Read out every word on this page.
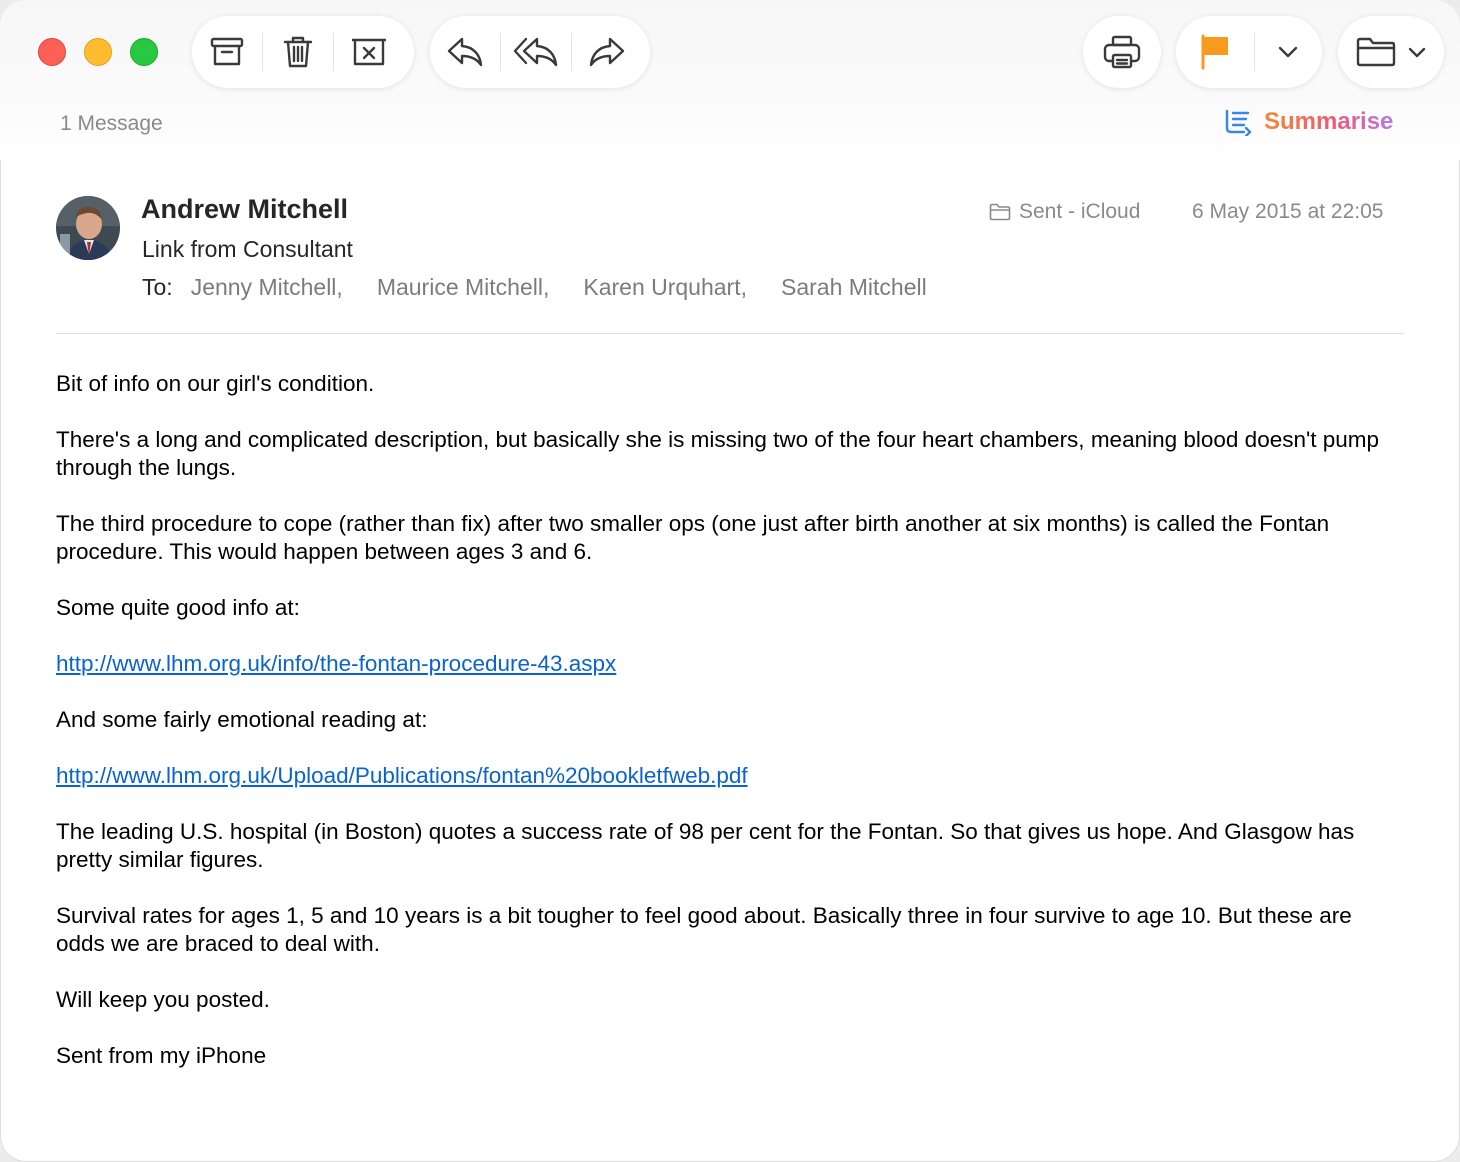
1 Message	Summarise
Andrew Mitchell
Link from Consultant
To: Jenny Mitchell, Maurice Mitchell, Karen Urquhart, Sarah Mitchell
Sent - iCloud 6 May 2015 at 22:05

Bit of info on our girl's condition.

There's a long and complicated description, but basically she is missing two of the four heart chambers, meaning blood doesn't pump through the lungs.

The third procedure to cope (rather than fix) after two smaller ops (one just after birth another at six months) is called the Fontan procedure. This would happen between ages 3 and 6.

Some quite good info at:

http://www.lhm.org.uk/info/the-fontan-procedure-43.aspx

And some fairly emotional reading at:

http://www.lhm.org.uk/Upload/Publications/fontan%20bookletfweb.pdf

The leading U.S. hospital (in Boston) quotes a success rate of 98 per cent for the Fontan. So that gives us hope. And Glasgow has pretty similar figures.

Survival rates for ages 1, 5 and 10 years is a bit tougher to feel good about. Basically three in four survive to age 10. But these are odds we are braced to deal with.

Will keep you posted.

Sent from my iPhone
